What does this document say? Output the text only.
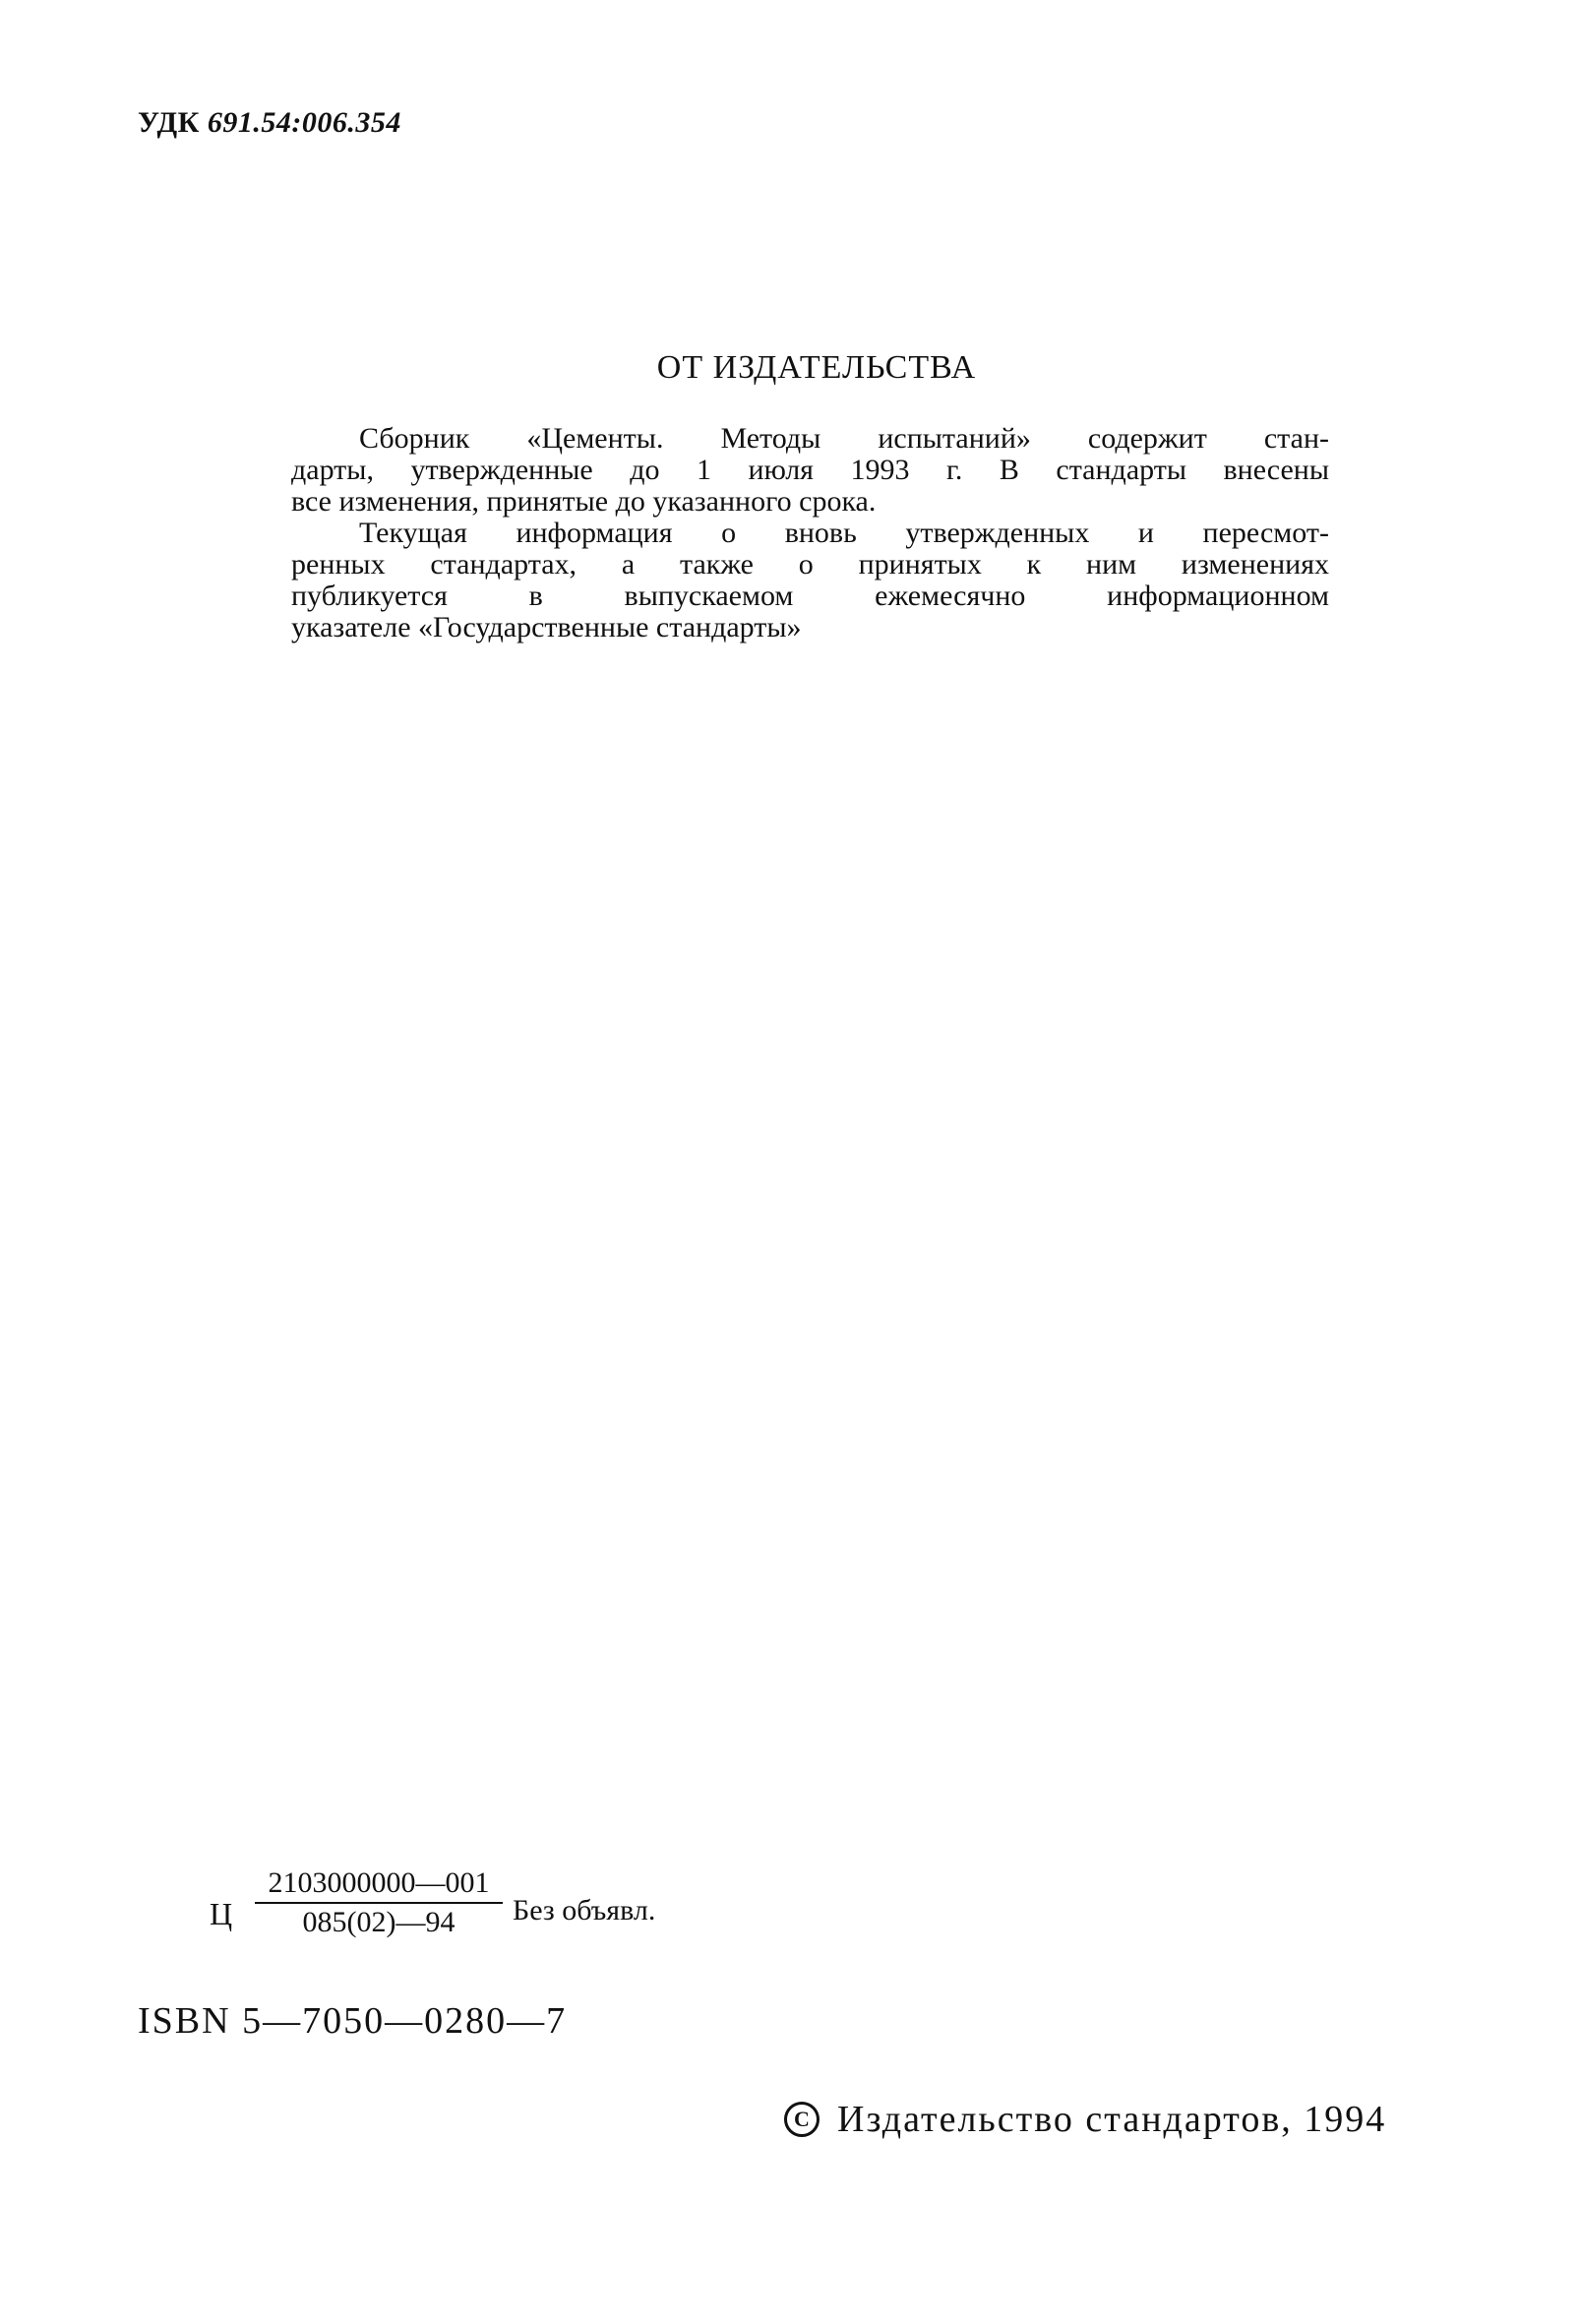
УДК 691.54:006.354
ОТ ИЗДАТЕЛЬСТВА
Сборник «Цементы. Методы испытаний» содержит стан-
дарты, утвержденные до 1 июля 1993 г. В стандарты внесены
все изменения, принятые до указанного срока.
Текущая информация о вновь утвержденных и пересмот-
ренных стандартах, а также о принятых к ним изменениях
публикуется в выпускаемом ежемесячно информационном
указателе «Государственные стандарты»
Ц
2103000000—001
085(02)—94	Без объявл.
ISBN 5—7050—0280—7
C
Издательство стандартов, 1994
